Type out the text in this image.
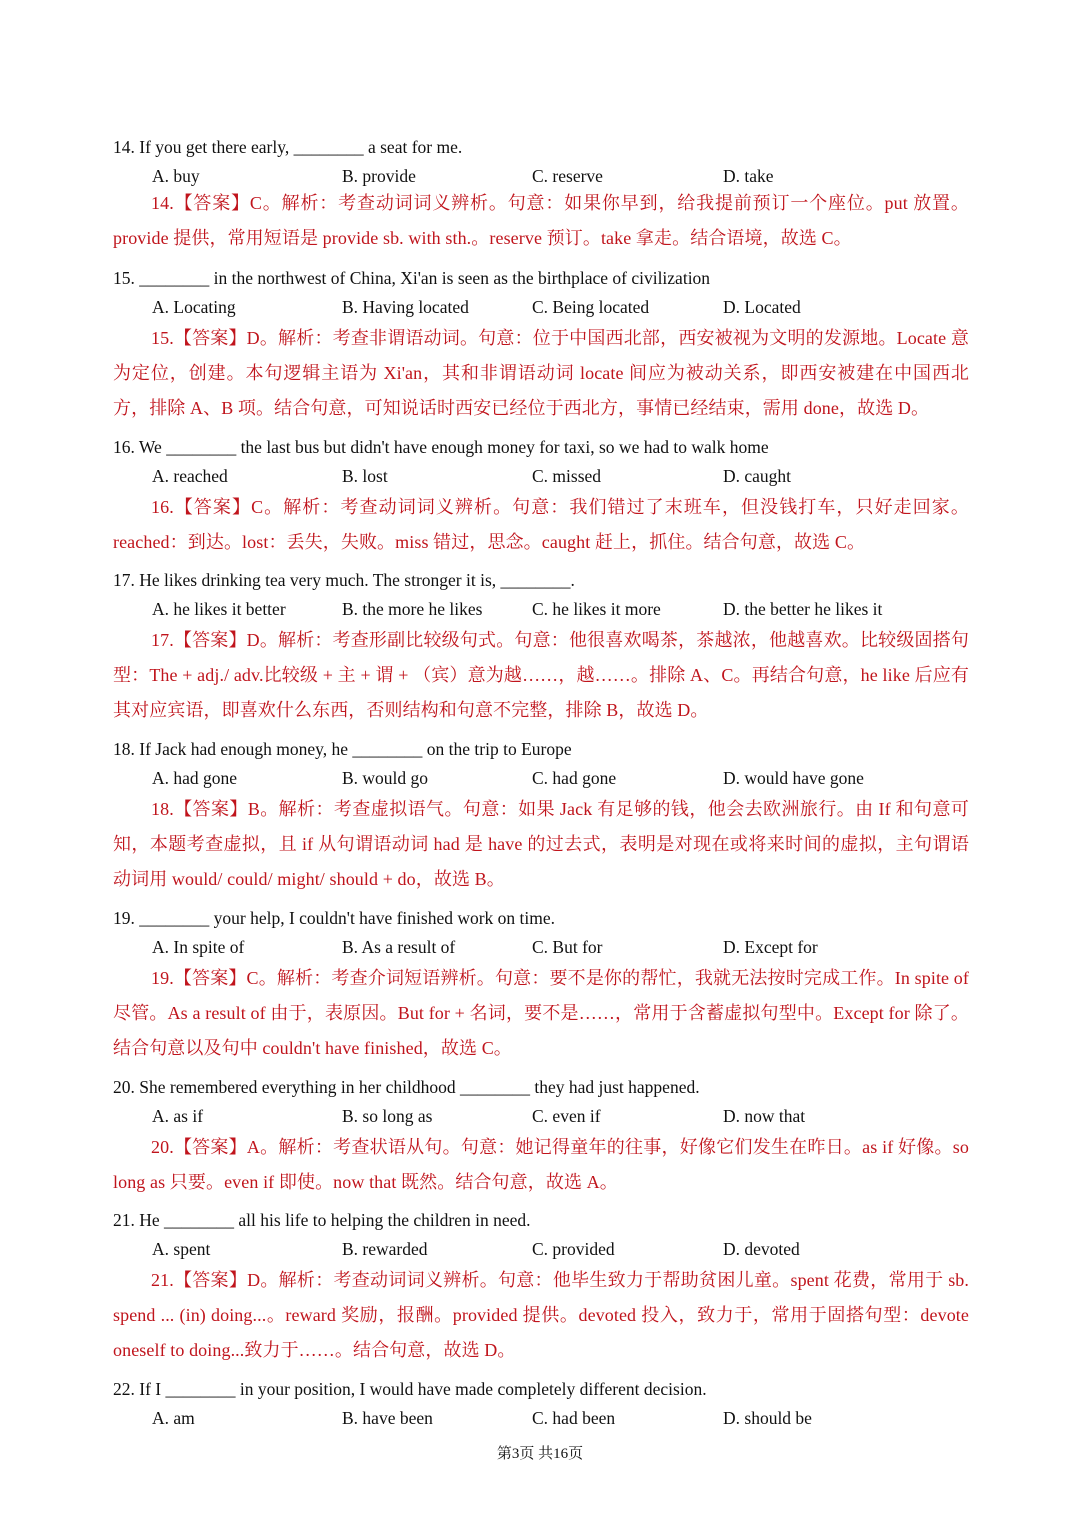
14. If you get there early, ________ a seat for me.
A. buy	B. provide	C. reserve	D. take
14.【答案】C。解析：考查动词词义辨析。句意：如果你早到，给我提前预订一个座位。put 放置。provide 提供，常用短语是 provide sb. with sth.。reserve 预订。take 拿走。结合语境，故选 C。
15. ________ in the northwest of China, Xi'an is seen as the birthplace of civilization
A. Locating	B. Having located	C. Being located	D. Located
15.【答案】D。解析：考查非谓语动词。句意：位于中国西北部，西安被视为文明的发源地。Locate 意为定位，创建。本句逻辑主语为 Xi'an，其和非谓语动词 locate 间应为被动关系，即西安被建在中国西北方，排除 A、B 项。结合句意，可知说话时西安已经位于西北方，事情已经结束，需用 done，故选 D。
16. We ________ the last bus but didn't have enough money for taxi, so we had to walk home
A. reached	B. lost	C. missed	D. caught
16.【答案】C。解析：考查动词词义辨析。句意：我们错过了末班车，但没钱打车，只好走回家。reached：到达。lost：丢失，失败。miss 错过，思念。caught 赶上，抓住。结合句意，故选 C。
17. He likes drinking tea very much. The stronger it is, ________.
A. he likes it better	B. the more he likes	C. he likes it more	D. the better he likes it
17.【答案】D。解析：考查形副比较级句式。句意：他很喜欢喝茶，茶越浓，他越喜欢。比较级固搭句型：The + adj./ adv.比较级 + 主 + 谓 + （宾）意为越……，越……。排除 A、C。再结合句意，he like 后应有其对应宾语，即喜欢什么东西，否则结构和句意不完整，排除 B，故选 D。
18. If Jack had enough money, he ________ on the trip to Europe
A. had gone	B. would go	C. had gone	D. would have gone
18.【答案】B。解析：考查虚拟语气。句意：如果 Jack 有足够的钱，他会去欧洲旅行。由 If 和句意可知，本题考查虚拟，且 if 从句谓语动词 had 是 have 的过去式，表明是对现在或将来时间的虚拟，主句谓语动词用 would/ could/ might/ should + do，故选 B。
19. ________ your help, I couldn't have finished work on time.
A. In spite of	B. As a result of	C. But for	D. Except for
19.【答案】C。解析：考查介词短语辨析。句意：要不是你的帮忙，我就无法按时完成工作。In spite of 尽管。As a result of 由于，表原因。But for + 名词，要不是……，常用于含蓄虚拟句型中。Except for 除了。结合句意以及句中 couldn't have finished，故选 C。
20. She remembered everything in her childhood ________ they had just happened.
A. as if	B. so long as	C. even if	D. now that
20.【答案】A。解析：考查状语从句。句意：她记得童年的往事，好像它们发生在昨日。as if 好像。so long as 只要。even if 即使。now that 既然。结合句意，故选 A。
21. He ________ all his life to helping the children in need.
A. spent	B. rewarded	C. provided	D. devoted
21.【答案】D。解析：考查动词词义辨析。句意：他毕生致力于帮助贫困儿童。spent 花费，常用于 sb. spend ... (in) doing...。reward 奖励，报酬。provided 提供。devoted 投入，致力于，常用于固搭句型：devote oneself to doing...致力于……。结合句意，故选 D。
22. If I ________ in your position, I would have made completely different decision.
A. am	B. have been	C. had been	D. should be
第3页 共16页
